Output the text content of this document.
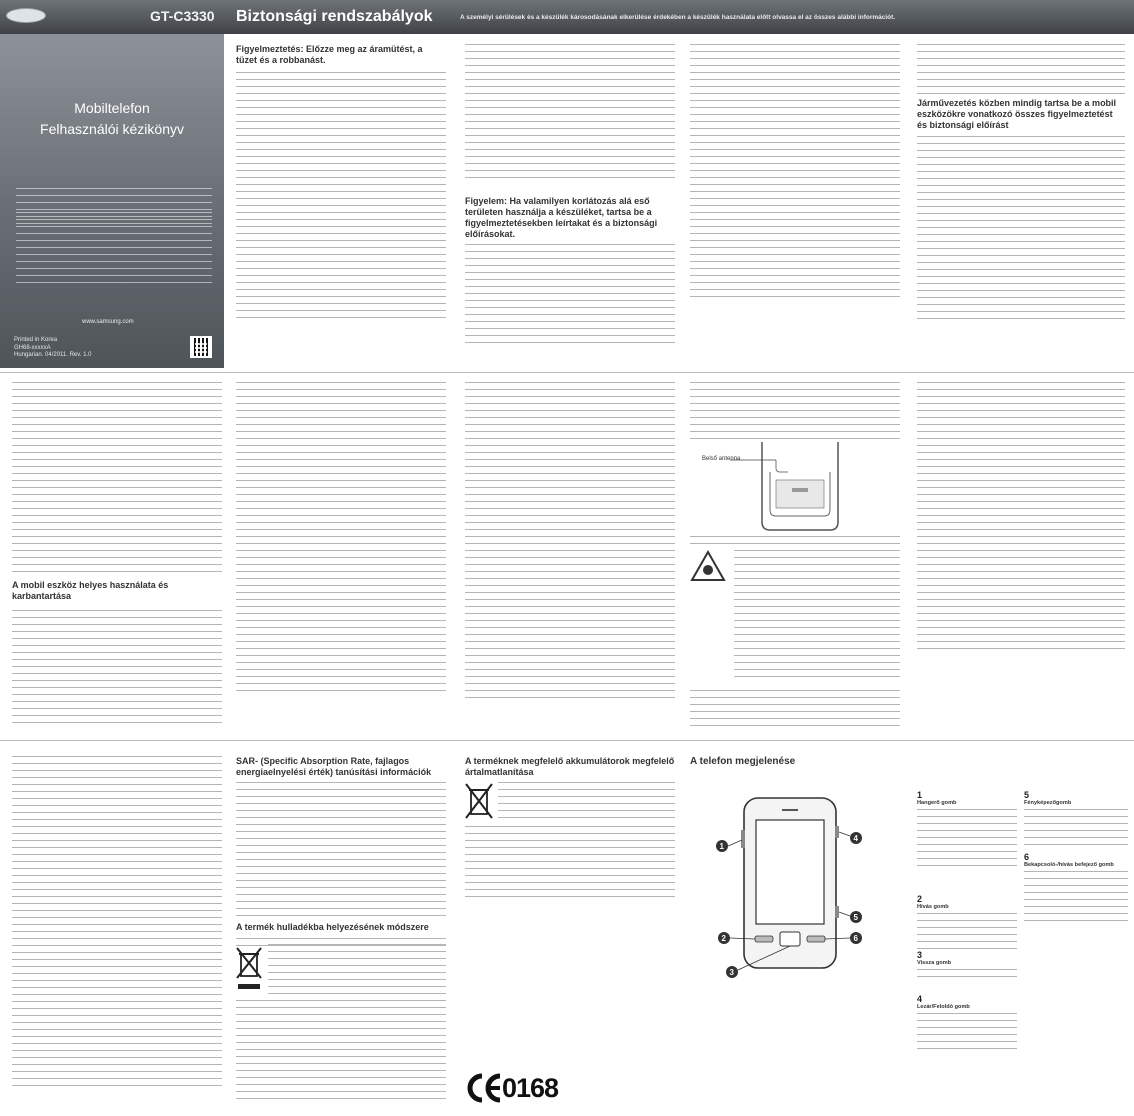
GT-C3330 Biztonsági rendszabályok	A személyi sérülések és a készülék károsodásának elkerülése érdekében a készülék használata előtt olvassa el az összes alábbi információt.
Mobiltelefon
Felhasználói kézikönyv
www.samsung.com
Printed in Korea
GH68-xxxxxA
Hungarian. 04/2011. Rev. 1.0
Figyelmeztetés: Előzze meg az áramütést, a tüzet és a robbanást.
Figyelem: Ha valamilyen korlátozás alá eső területen használja a készüléket, tartsa be a figyelmeztetésekben leírtakat és a biztonsági előírásokat.
Járművezetés közben mindig tartsa be a mobil eszközökre vonatkozó összes figyelmeztetést és biztonsági előírást
A mobil eszköz helyes használata és karbantartása
Belső antenna
SAR- (Specific Absorption Rate, fajlagos energiaelnyelési érték) tanúsítási információk
A termék hulladékba helyezésének módszere
A terméknek megfelelő akkumulátorok megfelelő ártalmatlanítása
0168
A telefon megjelenése
1
2
3
4
5
6
1
Hangerő gomb
2
Hívás gomb
3
Vissza gomb
4
Lezár/Feloldó gomb
5
Fényképezőgomb
6
Bekapcsoló-/hívás befejező gomb
